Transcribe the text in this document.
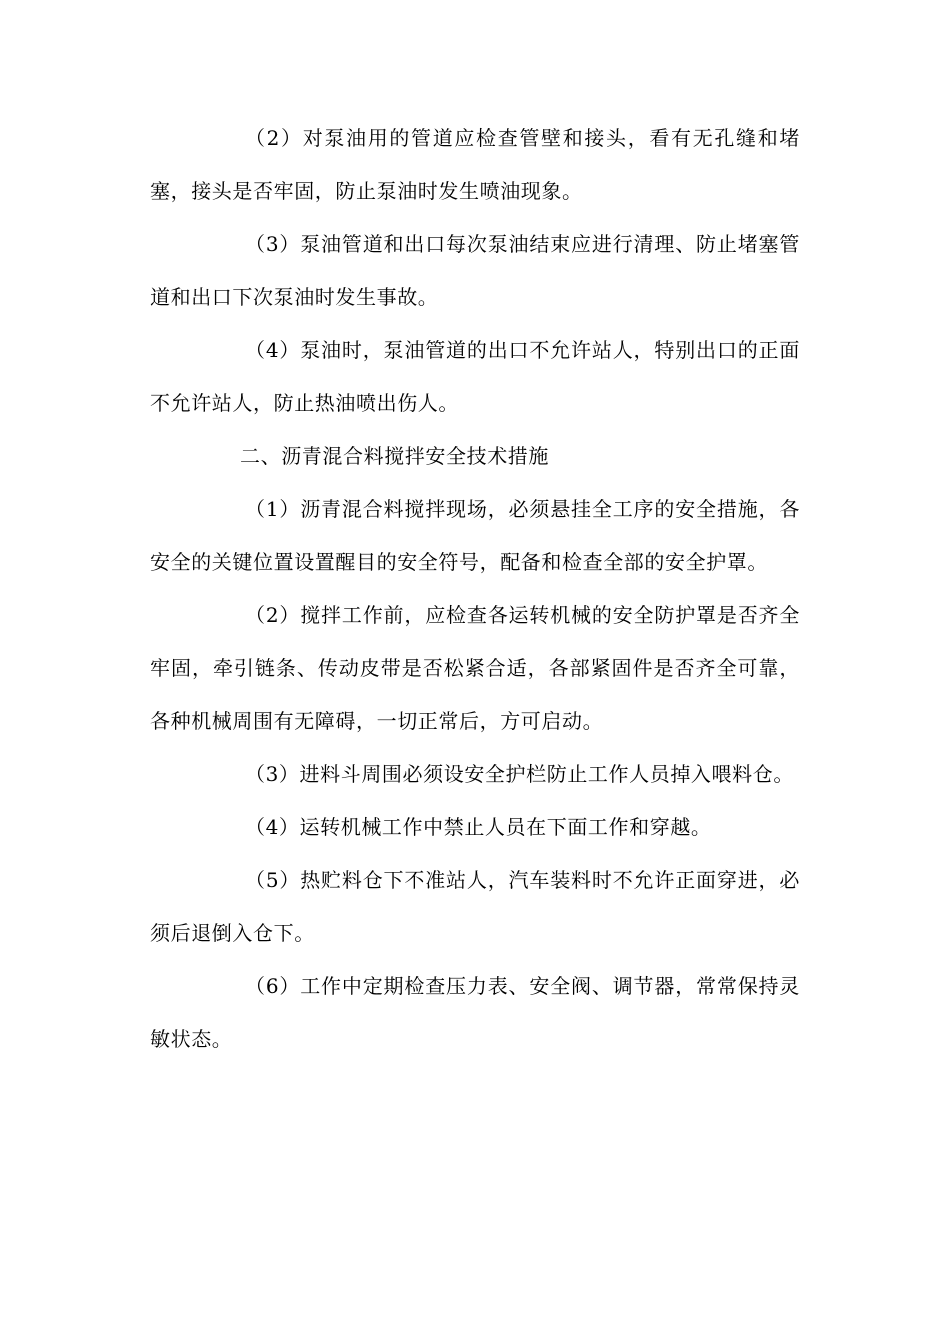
（2）对泵油用的管道应检查管壁和接头，看有无孔缝和堵塞，接头是否牢固，防止泵油时发生喷油现象。

（3）泵油管道和出口每次泵油结束应进行清理、防止堵塞管道和出口下次泵油时发生事故。

（4）泵油时，泵油管道的出口不允许站人，特别出口的正面不允许站人，防止热油喷出伤人。

二、沥青混合料搅拌安全技术措施

（1）沥青混合料搅拌现场，必须悬挂全工序的安全措施，各安全的关键位置设置醒目的安全符号，配备和检查全部的安全护罩。

（2）搅拌工作前，应检查各运转机械的安全防护罩是否齐全牢固，牵引链条、传动皮带是否松紧合适，各部紧固件是否齐全可靠，各种机械周围有无障碍，一切正常后，方可启动。

（3）进料斗周围必须设安全护栏防止工作人员掉入喂料仓。

（4）运转机械工作中禁止人员在下面工作和穿越。

（5）热贮料仓下不准站人，汽车装料时不允许正面穿进，必须后退倒入仓下。

（6）工作中定期检查压力表、安全阀、调节器，常常保持灵敏状态。
